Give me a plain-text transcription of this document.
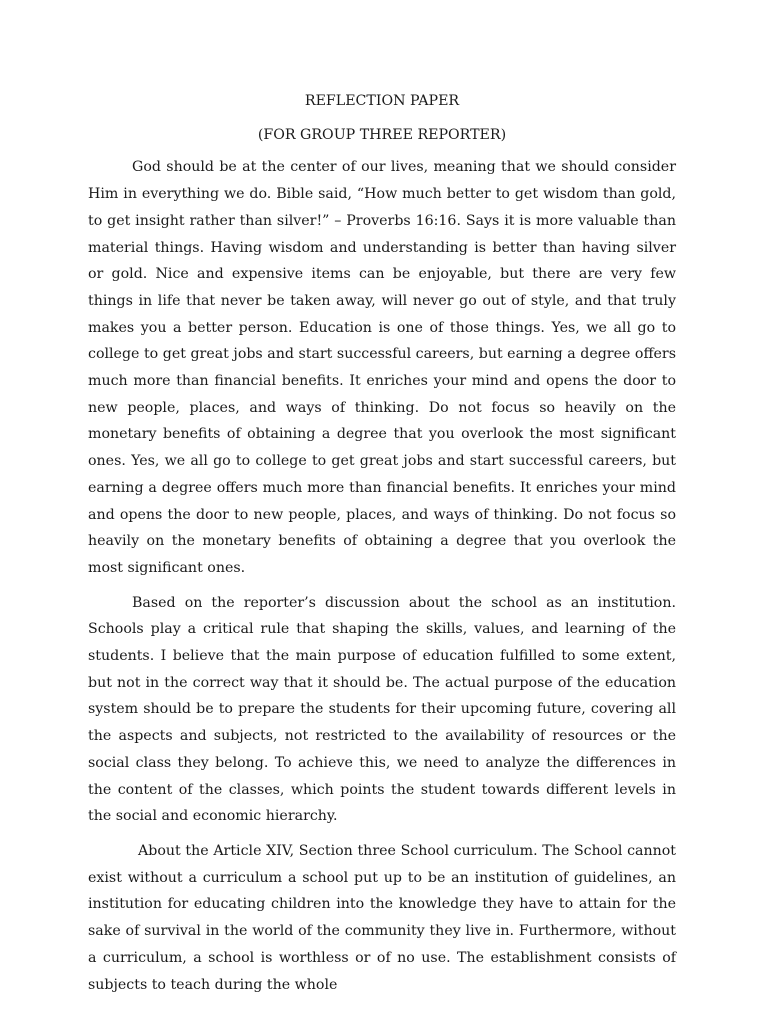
REFLECTION PAPER

(FOR GROUP THREE REPORTER)

God should be at the center of our lives, meaning that we should consider Him in everything we do. Bible said, “How much better to get wisdom than gold, to get insight rather than silver!” – Proverbs 16:16. Says it is more valuable than material things. Having wisdom and understanding is better than having silver or gold. Nice and expensive items can be enjoyable, but there are very few things in life that never be taken away, will never go out of style, and that truly makes you a better person. Education is one of those things. Yes, we all go to college to get great jobs and start successful careers, but earning a degree offers much more than financial benefits. It enriches your mind and opens the door to new people, places, and ways of thinking. Do not focus so heavily on the monetary benefits of obtaining a degree that you overlook the most significant ones. Yes, we all go to college to get great jobs and start successful careers, but earning a degree offers much more than financial benefits. It enriches your mind and opens the door to new people, places, and ways of thinking. Do not focus so heavily on the monetary benefits of obtaining a degree that you overlook the most significant ones.

Based on the reporter’s discussion about the school as an institution. Schools play a critical rule that shaping the skills, values, and learning of the students. I believe that the main purpose of education fulfilled to some extent, but not in the correct way that it should be. The actual purpose of the education system should be to prepare the students for their upcoming future, covering all the aspects and subjects, not restricted to the availability of resources or the social class they belong. To achieve this, we need to analyze the differences in the content of the classes, which points the student towards different levels in the social and economic hierarchy.

About the Article XIV, Section three School curriculum. The School cannot exist without a curriculum a school put up to be an institution of guidelines, an institution for educating children into the knowledge they have to attain for the sake of survival in the world of the community they live in. Furthermore, without a curriculum, a school is worthless or of no use. The establishment consists of subjects to teach during the whole
